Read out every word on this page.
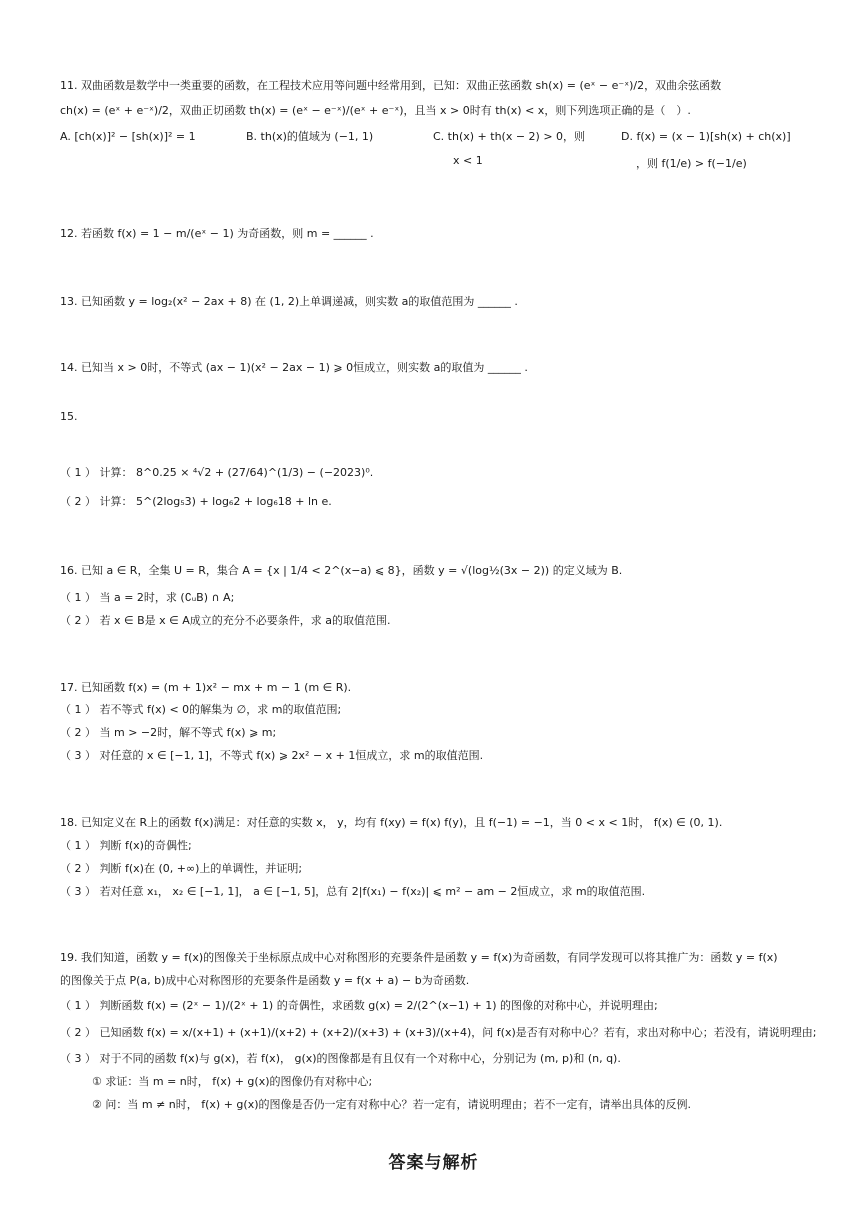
11. 双曲函数是数学中一类重要的函数，在工程技术应用等问题中经常用到，已知：双曲正弦函数 sh(x) = (eˣ − e⁻ˣ)/2，双曲余弦函数
ch(x) = (eˣ + e⁻ˣ)/2，双曲正切函数 th(x) = (eˣ − e⁻ˣ)/(eˣ + e⁻ˣ)，且当 x > 0时有 th(x) < x，则下列选项正确的是（　）.
A. [ch(x)]² − [sh(x)]² = 1	B. th(x)的值域为 (−1, 1)	C. th(x) + th(x − 2) > 0，则
x < 1
D. f(x) = (x − 1)[sh(x) + ch(x)]
，则 f(1/e) > f(−1/e)
12. 若函数 f(x) = 1 − m/(eˣ − 1) 为奇函数，则 m = ______ .
13. 已知函数 y = log₂(x² − 2ax + 8) 在 (1, 2)上单调递减，则实数 a的取值范围为 ______ .
14. 已知当 x > 0时，不等式 (ax − 1)(x² − 2ax − 1) ⩾ 0恒成立，则实数 a的取值为 ______ .
15.
（ 1 ） 计算： 8^0.25 × ⁴√2 + (27/64)^(1/3) − (−2023)⁰.
（ 2 ） 计算： 5^(2log₅3) + log₆2 + log₆18 + ln e.
16. 已知 a ∈ R，全集 U = R，集合 A = {x | 1/4 < 2^(x−a) ⩽ 8}，函数 y = √(log½(3x − 2)) 的定义域为 B.
（ 1 ） 当 a = 2时，求 (∁ᵤB) ∩ A;
（ 2 ） 若 x ∈ B是 x ∈ A成立的充分不必要条件，求 a的取值范围.
17. 已知函数 f(x) = (m + 1)x² − mx + m − 1 (m ∈ R).
（ 1 ） 若不等式 f(x) < 0的解集为 ∅，求 m的取值范围;
（ 2 ） 当 m > −2时，解不等式 f(x) ⩾ m;
（ 3 ） 对任意的 x ∈ [−1, 1]，不等式 f(x) ⩾ 2x² − x + 1恒成立，求 m的取值范围.
18. 已知定义在 R上的函数 f(x)满足：对任意的实数 x， y，均有 f(xy) = f(x) f(y)，且 f(−1) = −1，当 0 < x < 1时， f(x) ∈ (0, 1).
（ 1 ） 判断 f(x)的奇偶性;
（ 2 ） 判断 f(x)在 (0, +∞)上的单调性，并证明;
（ 3 ） 若对任意 x₁， x₂ ∈ [−1, 1]， a ∈ [−1, 5]，总有 2|f(x₁) − f(x₂)| ⩽ m² − am − 2恒成立，求 m的取值范围.
19. 我们知道，函数 y = f(x)的图像关于坐标原点成中心对称图形的充要条件是函数 y = f(x)为奇函数，有同学发现可以将其推广为：函数 y = f(x)
的图像关于点 P(a, b)成中心对称图形的充要条件是函数 y = f(x + a) − b为奇函数.
（ 1 ） 判断函数 f(x) = (2ˣ − 1)/(2ˣ + 1) 的奇偶性，求函数 g(x) = 2/(2^(x−1) + 1) 的图像的对称中心，并说明理由;
（ 2 ） 已知函数 f(x) = x/(x+1) + (x+1)/(x+2) + (x+2)/(x+3) + (x+3)/(x+4)，问 f(x)是否有对称中心？若有，求出对称中心；若没有，请说明理由;
（ 3 ） 对于不同的函数 f(x)与 g(x)，若 f(x)， g(x)的图像都是有且仅有一个对称中心，分别记为 (m, p)和 (n, q).
① 求证：当 m = n时， f(x) + g(x)的图像仍有对称中心;
② 问：当 m ≠ n时， f(x) + g(x)的图像是否仍一定有对称中心？若一定有，请说明理由；若不一定有，请举出具体的反例.
答案与解析
